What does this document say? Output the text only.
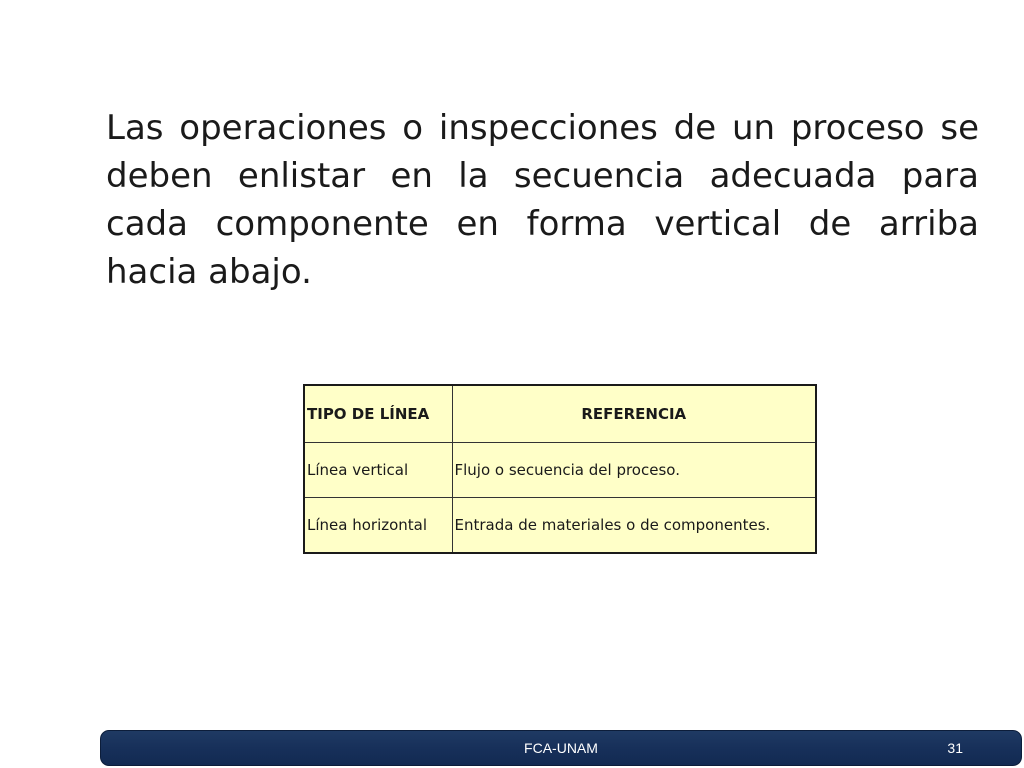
Las operaciones o inspecciones de un proceso se deben enlistar en la secuencia adecuada para cada componente en forma vertical de arriba hacia abajo.

TIPO DE LÍNEA	REFERENCIA
Línea vertical	Flujo o secuencia del proceso.
Línea horizontal	Entrada de materiales o de componentes.
FCA-UNAM	31
